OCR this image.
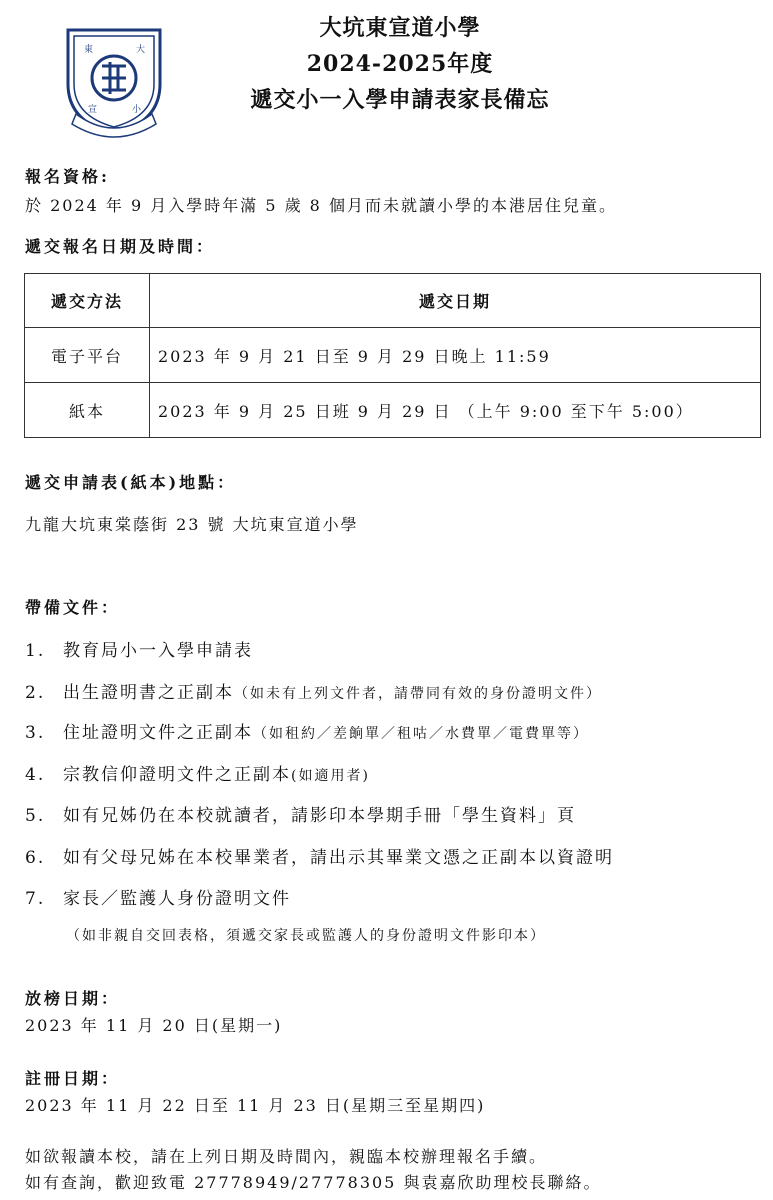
東	大
宣	小
大坑東宣道小學
2024-2025年度
遞交小一入學申請表家長備忘
報名資格:
於 2024 年 9 月入學時年滿 5 歲 8 個月而未就讀小學的本港居住兒童。
遞交報名日期及時間：
遞交方法	遞交日期
電子平台	2023 年 9 月 21 日至 9 月 29 日晚上 11:59
紙本	2023 年 9 月 25 日班 9 月 29 日 （上午 9:00 至下午 5:00）
遞交申請表(紙本)地點：
九龍大坑東棠蔭街 23 號 大坑東宣道小學
帶備文件：
1. 教育局小一入學申請表
2. 出生證明書之正副本（如未有上列文件者，請帶同有效的身份證明文件）
3. 住址證明文件之正副本（如租約／差餉單／租咕／水費單／電費單等）
4. 宗教信仰證明文件之正副本(如適用者)
5. 如有兄姊仍在本校就讀者，請影印本學期手冊「學生資料」頁
6. 如有父母兄姊在本校畢業者，請出示其畢業文憑之正副本以資證明
7. 家長／監護人身份證明文件
（如非親自交回表格，須遞交家長或監護人的身份證明文件影印本）
放榜日期：
2023 年 11 月 20 日(星期一)
註冊日期：
2023 年 11 月 22 日至 11 月 23 日(星期三至星期四)
如欲報讀本校，請在上列日期及時間內，親臨本校辦理報名手續。
如有查詢，歡迎致電 27778949/27778305 與袁嘉欣助理校長聯絡。
